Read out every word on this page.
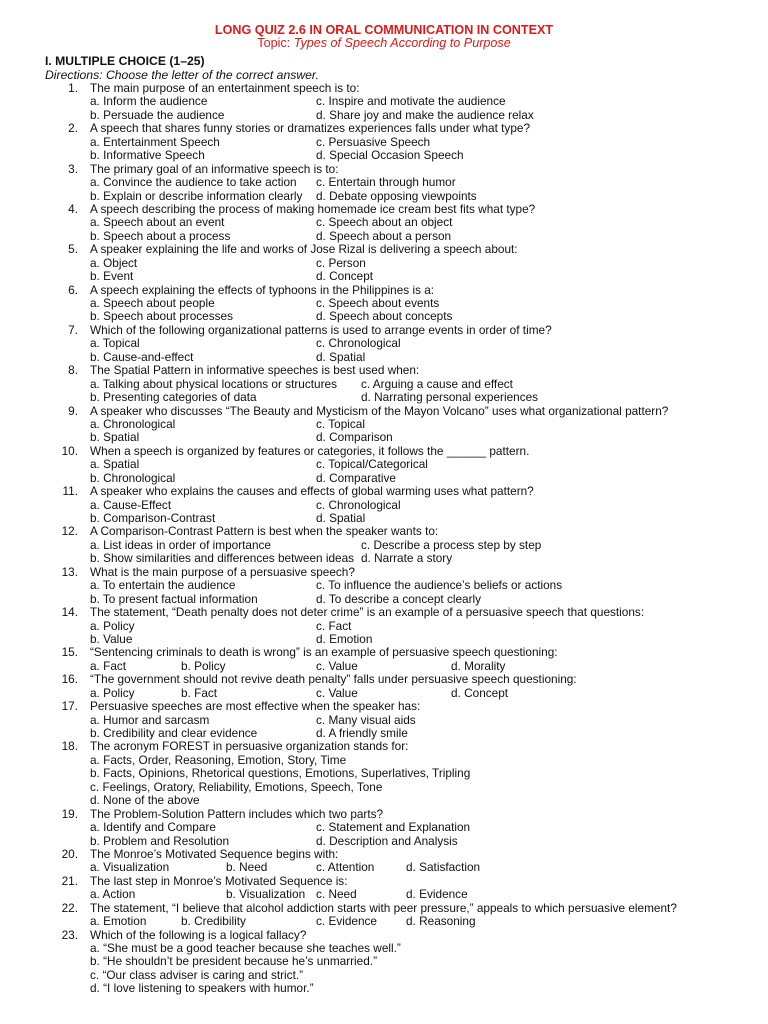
LONG QUIZ 2.6 IN ORAL COMMUNICATION IN CONTEXT
Topic: Types of Speech According to Purpose
I. MULTIPLE CHOICE (1–25)
Directions: Choose the letter of the correct answer.
1. The main purpose of an entertainment speech is to:
a. Inform the audience	c. Inspire and motivate the audience
b. Persuade the audience	d. Share joy and make the audience relax
2. A speech that shares funny stories or dramatizes experiences falls under what type?
a. Entertainment Speech	c. Persuasive Speech
b. Informative Speech	d. Special Occasion Speech
3. The primary goal of an informative speech is to:
a. Convince the audience to take action c. Entertain through humor
b. Explain or describe information clearly d. Debate opposing viewpoints
4. A speech describing the process of making homemade ice cream best fits what type?
a. Speech about an event	c. Speech about an object
b. Speech about a process	d. Speech about a person
5. A speaker explaining the life and works of Jose Rizal is delivering a speech about:
a. Object	c. Person
b. Event	d. Concept
6. A speech explaining the effects of typhoons in the Philippines is a:
a. Speech about people	c. Speech about events
b. Speech about processes	d. Speech about concepts
7. Which of the following organizational patterns is used to arrange events in order of time?
a. Topical	c. Chronological
b. Cause-and-effect	d. Spatial
8. The Spatial Pattern in informative speeches is best used when:
a. Talking about physical locations or structures c. Arguing a cause and effect
b. Presenting categories of data	d. Narrating personal experiences
9. A speaker who discusses “The Beauty and Mysticism of the Mayon Volcano” uses what organizational pattern?
a. Chronological	c. Topical
b. Spatial	d. Comparison
10. When a speech is organized by features or categories, it follows the ______ pattern.
a. Spatial	c. Topical/Categorical
b. Chronological	d. Comparative
11. A speaker who explains the causes and effects of global warming uses what pattern?
a. Cause-Effect	c. Chronological
b. Comparison-Contrast	d. Spatial
12. A Comparison-Contrast Pattern is best when the speaker wants to:
a. List ideas in order of importance	c. Describe a process step by step
b. Show similarities and differences between ideas d. Narrate a story
13. What is the main purpose of a persuasive speech?
a. To entertain the audience	c. To influence the audience’s beliefs or actions
b. To present factual information	d. To describe a concept clearly
14. The statement, “Death penalty does not deter crime” is an example of a persuasive speech that questions:
a. Policy	c. Fact
b. Value	d. Emotion
15. “Sentencing criminals to death is wrong” is an example of persuasive speech questioning:
a. Fact	b. Policy	c. Value	d. Morality
16. “The government should not revive death penalty” falls under persuasive speech questioning:
a. Policy	b. Fact	c. Value	d. Concept
17. Persuasive speeches are most effective when the speaker has:
a. Humor and sarcasm	c. Many visual aids
b. Credibility and clear evidence	d. A friendly smile
18. The acronym FOREST in persuasive organization stands for:
a. Facts, Order, Reasoning, Emotion, Story, Time
b. Facts, Opinions, Rhetorical questions, Emotions, Superlatives, Tripling
c. Feelings, Oratory, Reliability, Emotions, Speech, Tone
d. None of the above
19. The Problem-Solution Pattern includes which two parts?
a. Identify and Compare	c. Statement and Explanation
b. Problem and Resolution	d. Description and Analysis
20. The Monroe’s Motivated Sequence begins with:
a. Visualization	b. Need	c. Attention	d. Satisfaction
21. The last step in Monroe’s Motivated Sequence is:
a. Action	b. Visualization c. Need	d. Evidence
22. The statement, “I believe that alcohol addiction starts with peer pressure,” appeals to which persuasive element?
a. Emotion	b. Credibility	c. Evidence d. Reasoning
23. Which of the following is a logical fallacy?
a. “She must be a good teacher because she teaches well.”
b. “He shouldn’t be president because he’s unmarried.”
c. “Our class adviser is caring and strict.”
d. “I love listening to speakers with humor.”
